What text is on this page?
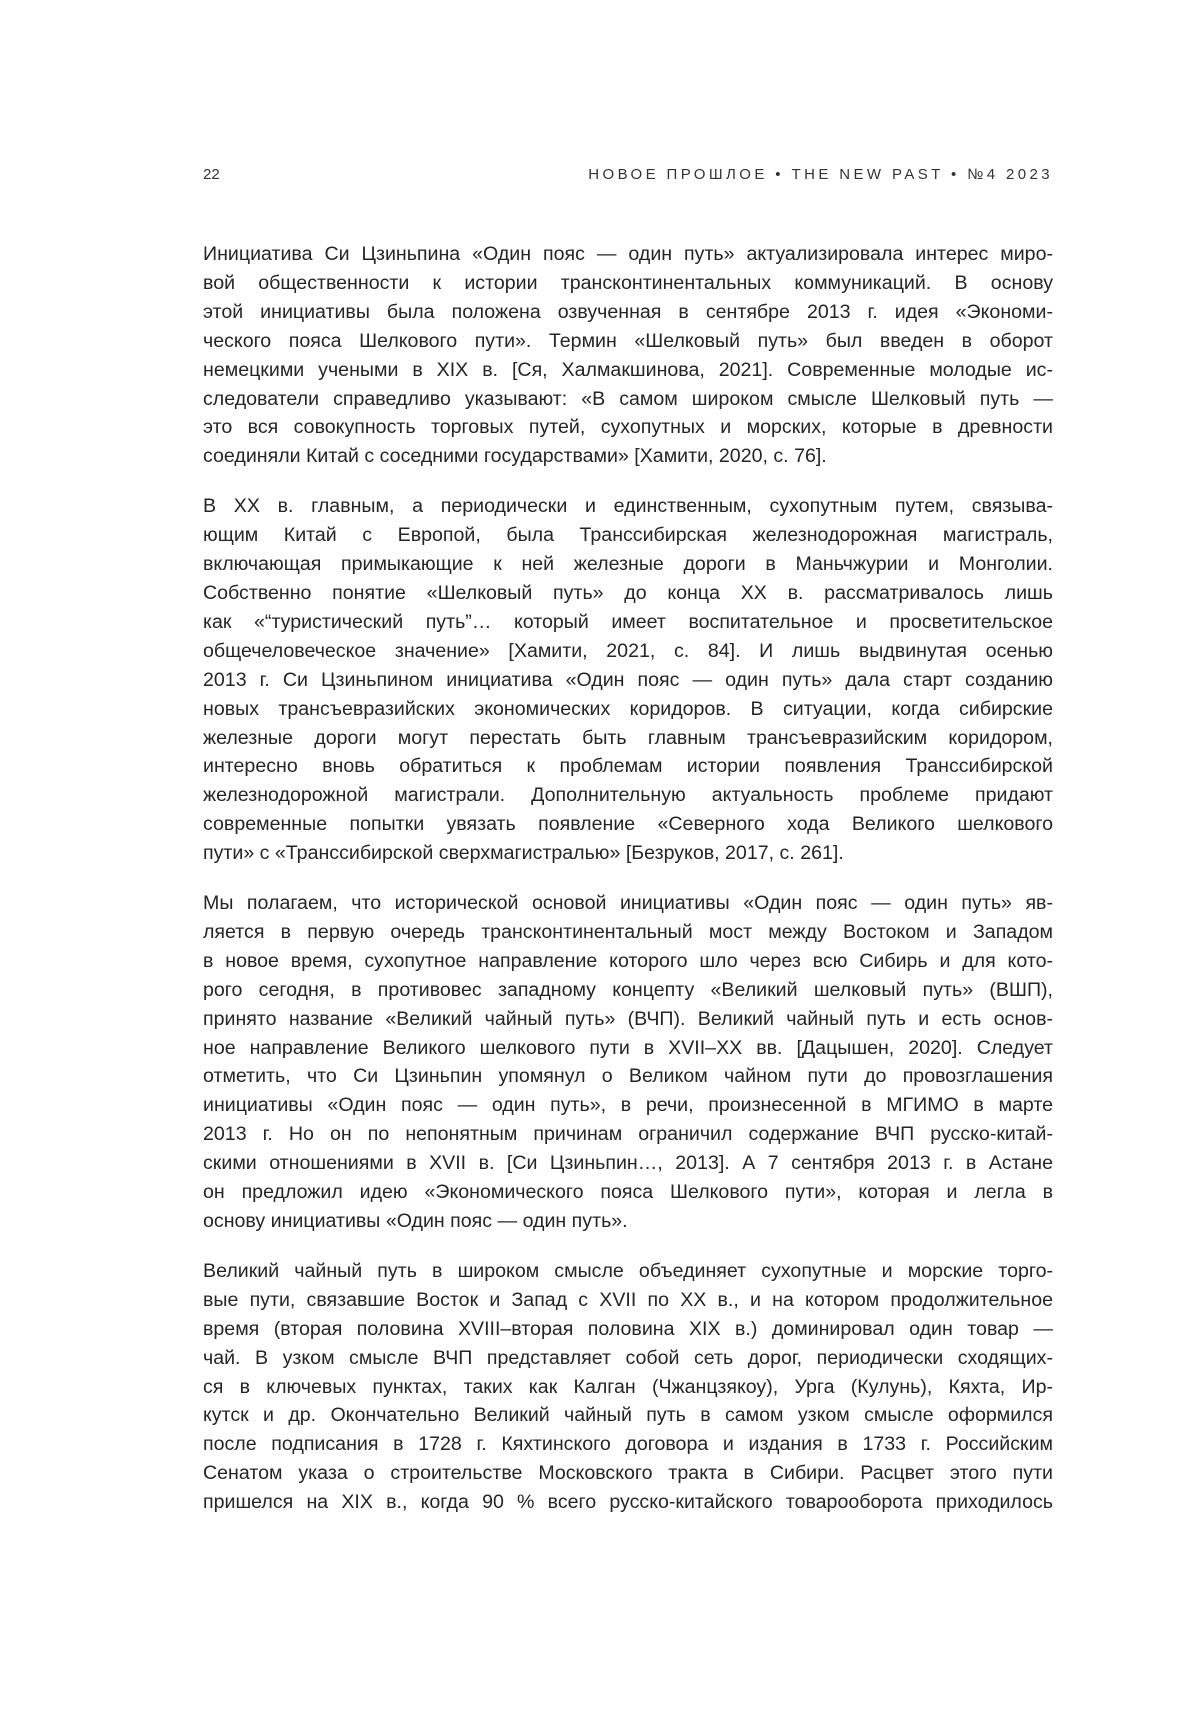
22	НОВОЕ ПРОШЛОЕ • THE NEW PAST • №4 2023
Инициатива Си Цзиньпина «Один пояс — один путь» актуализировала интерес миро-
вой общественности к истории трансконтинентальных коммуникаций. В основу
этой инициативы была положена озвученная в сентябре 2013 г. идея «Экономи-
ческого пояса Шелкового пути». Термин «Шелковый путь» был введен в оборот
немецкими учеными в XIX в. [Ся, Халмакшинова, 2021]. Современные молодые ис-
следователи справедливо указывают: «В самом широком смысле Шелковый путь —
это вся совокупность торговых путей, сухопутных и морских, которые в древности
соединяли Китай с соседними государствами» [Хамити, 2020, с. 76].
В XX в. главным, а периодически и единственным, сухопутным путем, связыва-
ющим Китай с Европой, была Транссибирская железнодорожная магистраль,
включающая примыкающие к ней железные дороги в Маньчжурии и Монголии.
Собственно понятие «Шелковый путь» до конца XX в. рассматривалось лишь
как «“туристический путь”… который имеет воспитательное и просветительское
общечеловеческое значение» [Хамити, 2021, с. 84]. И лишь выдвинутая осенью
2013 г. Си Цзиньпином инициатива «Один пояс — один путь» дала старт созданию
новых трансъевразийских экономических коридоров. В ситуации, когда сибирские
железные дороги могут перестать быть главным трансъевразийским коридором,
интересно вновь обратиться к проблемам истории появления Транссибирской
железнодорожной магистрали. Дополнительную актуальность проблеме придают
современные попытки увязать появление «Северного хода Великого шелкового
пути» с «Транссибирской сверхмагистралью» [Безруков, 2017, с. 261].
Мы полагаем, что исторической основой инициативы «Один пояс — один путь» яв-
ляется в первую очередь трансконтинентальный мост между Востоком и Западом
в новое время, сухопутное направление которого шло через всю Сибирь и для кото-
рого сегодня, в противовес западному концепту «Великий шелковый путь» (ВШП),
принято название «Великий чайный путь» (ВЧП). Великий чайный путь и есть основ-
ное направление Великого шелкового пути в XVII–XX вв. [Дацышен, 2020]. Следует
отметить, что Си Цзиньпин упомянул о Великом чайном пути до провозглашения
инициативы «Один пояс — один путь», в речи, произнесенной в МГИМО в марте
2013 г. Но он по непонятным причинам ограничил содержание ВЧП русско-китай-
скими отношениями в XVII в. [Си Цзиньпин…, 2013]. А 7 сентября 2013 г. в Астане
он предложил идею «Экономического пояса Шелкового пути», которая и легла в
основу инициативы «Один пояс — один путь».
Великий чайный путь в широком смысле объединяет сухопутные и морские торго-
вые пути, связавшие Восток и Запад с XVII по XX в., и на котором продолжительное
время (вторая половина XVIII–вторая половина XIX в.) доминировал один товар —
чай. В узком смысле ВЧП представляет собой сеть дорог, периодически сходящих-
ся в ключевых пунктах, таких как Калган (Чжанцзякоу), Урга (Кулунь), Кяхта, Ир-
кутск и др. Окончательно Великий чайный путь в самом узком смысле оформился
после подписания в 1728 г. Кяхтинского договора и издания в 1733 г. Российским
Сенатом указа о строительстве Московского тракта в Сибири. Расцвет этого пути
пришелся на XIX в., когда 90 % всего русско-китайского товарооборота приходилось
